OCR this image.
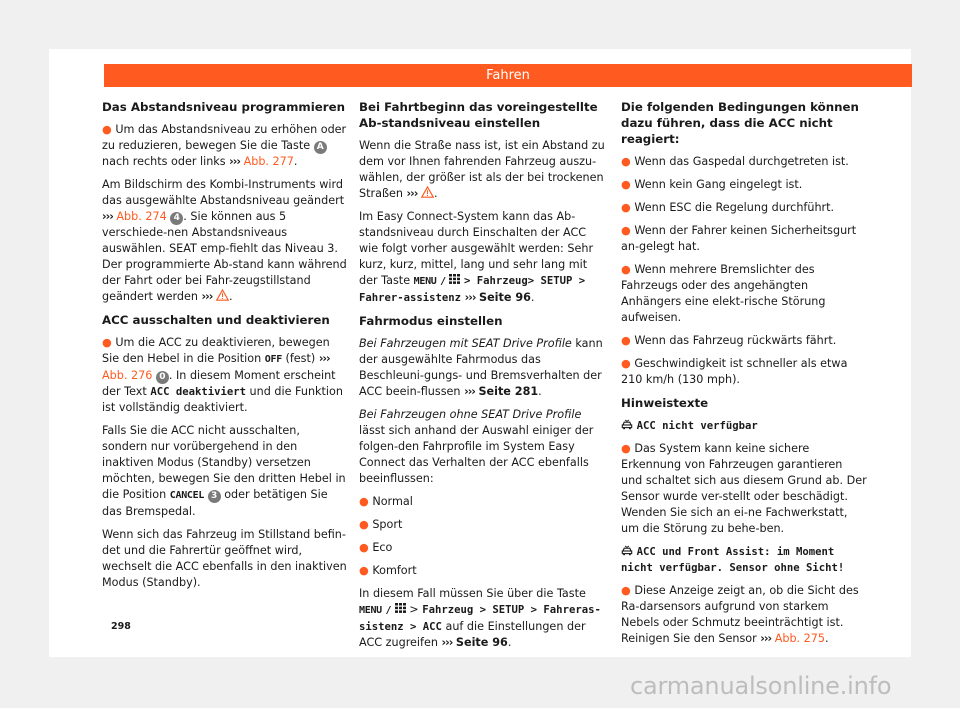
Fahren
Das Abstandsniveau programmieren

● Um das Abstandsniveau zu erhöhen oder zu reduzieren, bewegen Sie die Taste A nach rechts oder links ››› Abb. 277.

Am Bildschirm des Kombi-Instruments wird das ausgewählte Abstandsniveau geändert ››› Abb. 274 4 . Sie können aus 5 verschiede-nen Abstandsniveaus auswählen. SEAT emp-fiehlt das Niveau 3. Der programmierte Ab-stand kann während der Fahrt oder bei Fahr-zeugstillstand geändert werden ››› .

ACC ausschalten und deaktivieren

● Um die ACC zu deaktivieren, bewegen Sie den Hebel in die Position OFF (fest) ››› Abb. 276 0 . In diesem Moment erscheint der Text ACC deaktiviert und die Funktion ist vollständig deaktiviert.

Falls Sie die ACC nicht ausschalten, sondern nur vorübergehend in den inaktiven Modus (Standby) versetzen möchten, bewegen Sie den dritten Hebel in die Position CANCEL 3 oder betätigen Sie das Bremspedal.

Wenn sich das Fahrzeug im Stillstand befin-det und die Fahrertür geöffnet wird, wechselt die ACC ebenfalls in den inaktiven Modus (Standby).

Bei Fahrtbeginn das voreingestellte Ab-standsniveau einstellen

Wenn die Straße nass ist, ist ein Abstand zu dem vor Ihnen fahrenden Fahrzeug auszu-wählen, der größer ist als der bei trockenen Straßen ››› .

Im Easy Connect-System kann das Ab-standsniveau durch Einschalten der ACC wie folgt vorher ausgewählt werden: Sehr kurz, kurz, mittel, lang und sehr lang mit der Taste MENU / > Fahrzeug> SETUP > Fahrer-assistenz ››› Seite 96.

Fahrmodus einstellen

Bei Fahrzeugen mit SEAT Drive Profile kann der ausgewählte Fahrmodus das Beschleuni-gungs- und Bremsverhalten der ACC beein-flussen ››› Seite 281.

Bei Fahrzeugen ohne SEAT Drive Profile lässt sich anhand der Auswahl einiger der folgen-den Fahrprofile im System Easy Connect das Verhalten der ACC ebenfalls beeinflussen:

● Normal

● Sport

● Eco

● Komfort

In diesem Fall müssen Sie über die Taste
MENU /  > Fahrzeug > SETUP > Fahreras-sistenz > ACC auf die Einstellungen der ACC zugreifen ››› Seite 96.

Die folgenden Bedingungen können dazu führen, dass die ACC nicht reagiert:

● Wenn das Gaspedal durchgetreten ist.

● Wenn kein Gang eingelegt ist.

● Wenn ESC die Regelung durchführt.

● Wenn der Fahrer keinen Sicherheitsgurt an-gelegt hat.

● Wenn mehrere Bremslichter des Fahrzeugs oder des angehängten Anhängers eine elekt-rische Störung aufweisen.

● Wenn das Fahrzeug rückwärts fährt.

● Geschwindigkeit ist schneller als etwa 210 km/h (130 mph).

Hinweistexte

ACC nicht verfügbar

● Das System kann keine sichere Erkennung von Fahrzeugen garantieren und schaltet sich aus diesem Grund ab. Der Sensor wurde ver-stellt oder beschädigt. Wenden Sie sich an ei-ne Fachwerkstatt, um die Störung zu behe-ben.

ACC und Front Assist: im Moment nicht verfügbar. Sensor ohne Sicht!

● Diese Anzeige zeigt an, ob die Sicht des Ra-darsensors aufgrund von starkem Nebels oder Schmutz beeinträchtigt ist. Reinigen Sie den Sensor ››› Abb. 275.

298
carmanualsonline.info
